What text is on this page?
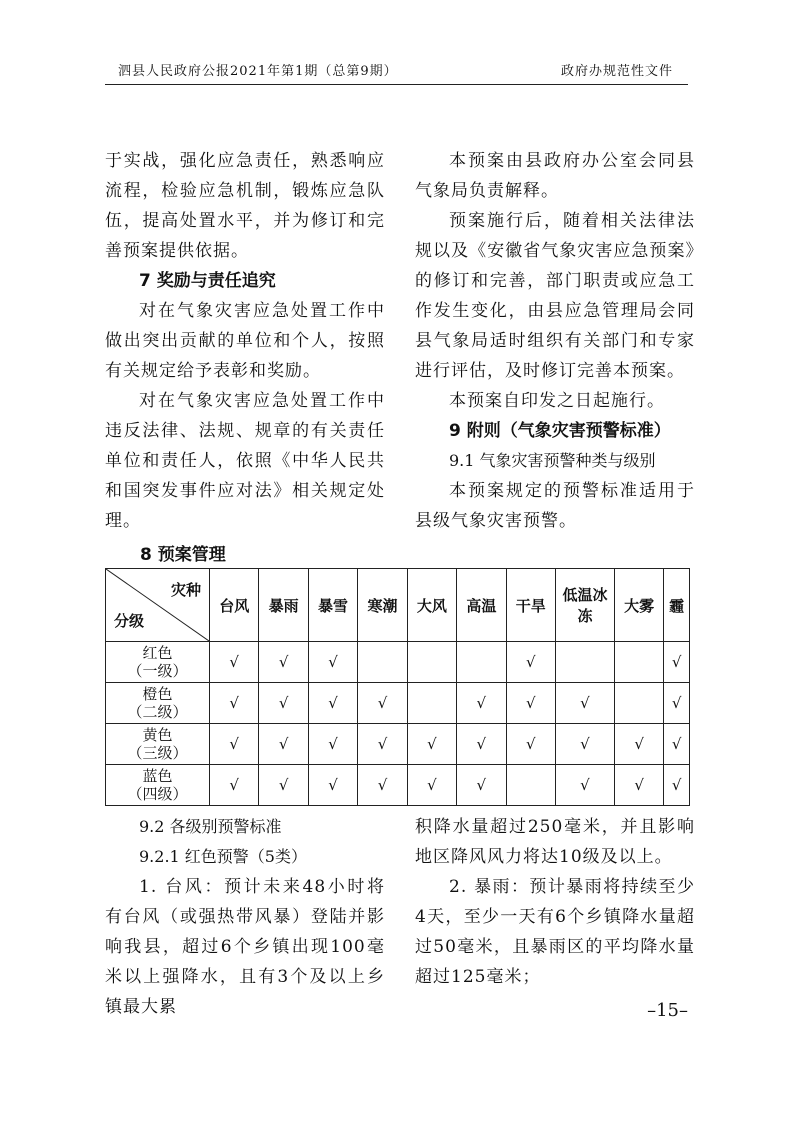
泗县人民政府公报2021年第1期（总第9期）	政府办规范性文件

于实战，强化应急责任，熟悉响应流程，检验应急机制，锻炼应急队伍，提高处置水平，并为修订和完善预案提供依据。

7 奖励与责任追究

对在气象灾害应急处置工作中做出突出贡献的单位和个人，按照有关规定给予表彰和奖励。

对在气象灾害应急处置工作中违反法律、法规、规章的有关责任单位和责任人，依照《中华人民共和国突发事件应对法》相关规定处理。

本预案由县政府办公室会同县气象局负责解释。

预案施行后，随着相关法律法规以及《安徽省气象灾害应急预案》的修订和完善，部门职责或应急工作发生变化，由县应急管理局会同县气象局适时组织有关部门和专家进行评估，及时修订完善本预案。

本预案自印发之日起施行。

9 附则（气象灾害预警标准）
9.1 气象灾害预警种类与级别

本预案规定的预警标准适用于县级气象灾害预警。

8 预案管理
灾种
分级	台风	暴雨	暴雪	寒潮	大风	高温	干旱	低温冰冻	大雾	霾

红色
（一级）	√	√	√				√			√

橙色
（二级）	√	√	√	√		√	√	√		√

黄色
（三级）	√	√	√	√	√	√	√	√	√	√

蓝色
（四级）	√	√	√	√	√	√		√	√	√
9.2 各级别预警标准
9.2.1 红色预警（5类）

1. 台风：预计未来48小时将有台风（或强热带风暴）登陆并影响我县，超过6个乡镇出现100毫米以上强降水，且有3个及以上乡镇最大累

积降水量超过250毫米，并且影响地区降风风力将达10级及以上。

2. 暴雨：预计暴雨将持续至少4天，至少一天有6个乡镇降水量超过50毫米，且暴雨区的平均降水量超过125毫米；

–15–
